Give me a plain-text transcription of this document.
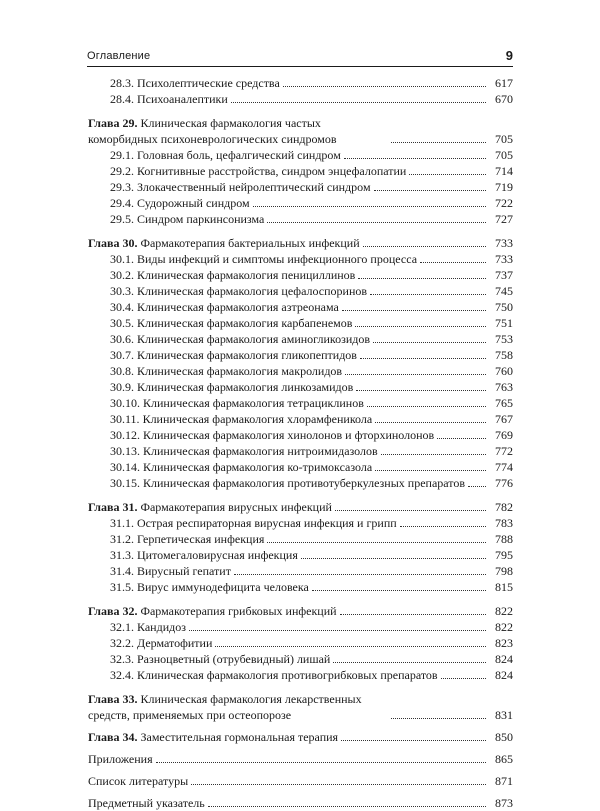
Оглавление	9
28.3. Психолептические средства	617
28.4. Психоаналептики	670
Глава 29. Клиническая фармакология частых коморбидных психоневрологических синдромов	705
29.1. Головная боль, цефалгический синдром	705
29.2. Когнитивные расстройства, синдром энцефалопатии	714
29.3. Злокачественный нейролептический синдром	719
29.4. Судорожный синдром	722
29.5. Синдром паркинсонизма	727
Глава 30. Фармакотерапия бактериальных инфекций	733
30.1. Виды инфекций и симптомы инфекционного процесса	733
30.2. Клиническая фармакология пенициллинов	737
30.3. Клиническая фармакология цефалоспоринов	745
30.4. Клиническая фармакология азтреонама	750
30.5. Клиническая фармакология карбапенемов	751
30.6. Клиническая фармакология аминогликозидов	753
30.7. Клиническая фармакология гликопептидов	758
30.8. Клиническая фармакология макролидов	760
30.9. Клиническая фармакология линкозамидов	763
30.10. Клиническая фармакология тетрациклинов	765
30.11. Клиническая фармакология хлорамфеникола	767
30.12. Клиническая фармакология хинолонов и фторхинолонов	769
30.13. Клиническая фармакология нитроимидазолов	772
30.14. Клиническая фармакология ко-тримоксазола	774
30.15. Клиническая фармакология противотуберкулезных препаратов	776
Глава 31. Фармакотерапия вирусных инфекций	782
31.1. Острая респираторная вирусная инфекция и грипп	783
31.2. Герпетическая инфекция	788
31.3. Цитомегаловирусная инфекция	795
31.4. Вирусный гепатит	798
31.5. Вирус иммунодефицита человека	815
Глава 32. Фармакотерапия грибковых инфекций	822
32.1. Кандидоз	822
32.2. Дерматофитии	823
32.3. Разноцветный (отрубевидный) лишай	824
32.4. Клиническая фармакология противогрибковых препаратов	824
Глава 33. Клиническая фармакология лекарственных средств, применяемых при остеопорозе	831
Глава 34. Заместительная гормональная терапия	850
Приложения	865
Список литературы	871
Предметный указатель	873
